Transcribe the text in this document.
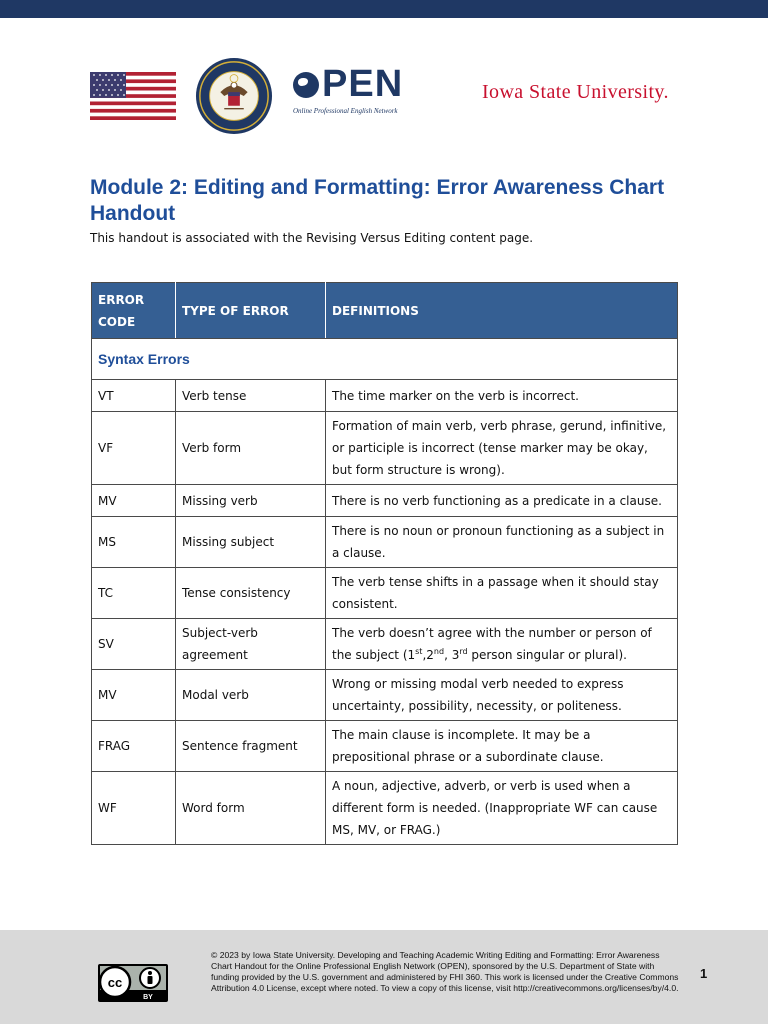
PEN
Online Professional English Network
Iowa State University.
Module 2: Editing and Formatting: Error Awareness Chart Handout
This handout is associated with the Revising Versus Editing content page.
ERROR CODE	TYPE OF ERROR	DEFINITIONS
Syntax Errors		
VT	Verb tense	The time marker on the verb is incorrect.
VF	Verb form	Formation of main verb, verb phrase, gerund, infinitive, or participle is incorrect (tense marker may be okay, but form structure is wrong).
MV	Missing verb	There is no verb functioning as a predicate in a clause.
MS	Missing subject	There is no noun or pronoun functioning as a subject in a clause.
TC	Tense consistency	The verb tense shifts in a passage when it should stay consistent.
SV	Subject-verb agreement	The verb doesn’t agree with the number or person of the subject (1st,2nd, 3rd person singular or plural).
MV	Modal verb	Wrong or missing modal verb needed to express uncertainty, possibility, necessity, or politeness.
FRAG	Sentence fragment	The main clause is incomplete. It may be a prepositional phrase or a subordinate clause.
WF	Word form	A noun, adjective, adverb, or verb is used when a different form is needed. (Inappropriate WF can cause MS, MV, or FRAG.)
cc
BY

© 2023 by Iowa State University. Developing and Teaching Academic Writing Editing and Formatting: Error Awareness Chart Handout for the Online Professional English Network (OPEN), sponsored by the U.S. Department of State with funding provided by the U.S. government and administered by FHI 360. This work is licensed under the Creative Commons Attribution 4.0 License, except where noted. To view a copy of this license, visit http://creativecommons.org/licenses/by/4.0.

1
